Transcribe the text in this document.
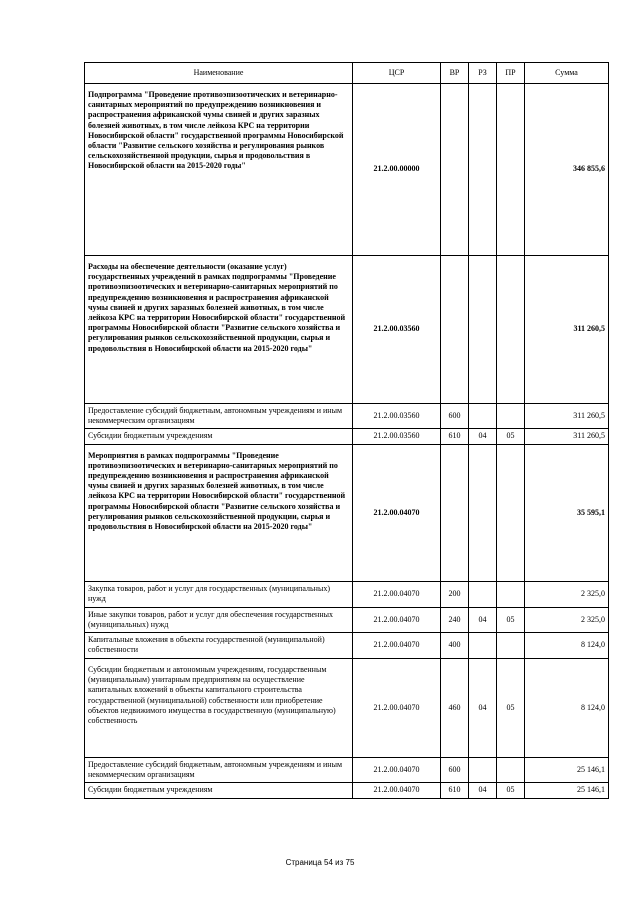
Наименование	ЦСР	ВР	РЗ	ПР	Сумма
Подпрограмма "Проведение противоэпизоотических и ветеринарно-санитарных мероприятий по предупреждению возникновения и распространения африканской чумы свиней и других заразных болезней животных, в том числе лейкоза КРС на территории Новосибирской области" государственной программы Новосибирской области "Развитие сельского хозяйства и регулирования рынков сельскохозяйственной продукции, сырья и продовольствия в Новосибирской области на 2015-2020 годы"	21.2.00.00000				346 855,6
Расходы на обеспечение деятельности (оказание услуг) государственных учреждений в рамках подпрограммы "Проведение противоэпизоотических и ветеринарно-санитарных мероприятий по предупреждению возникновения и распространения африканской чумы свиней и других заразных болезней животных, в том числе лейкоза КРС на территории Новосибирской области" государственной программы Новосибирской области "Развитие сельского хозяйства и регулирования рынков сельскохозяйственной продукции, сырья и продовольствия в Новосибирской области на 2015-2020 годы"	21.2.00.03560				311 260,5
Предоставление субсидий бюджетным, автономным учреждениям и иным некоммерческим организациям	21.2.00.03560	600			311 260,5
Субсидии бюджетным учреждениям	21.2.00.03560	610	04	05	311 260,5
Мероприятия в рамках подпрограммы "Проведение противоэпизоотических и ветеринарно-санитарных мероприятий по предупреждению возникновения и распространения африканской чумы свиней и других заразных болезней животных, в том числе лейкоза КРС на территории Новосибирской области" государственной программы Новосибирской области "Развитие сельского хозяйства и регулирования рынков сельскохозяйственной продукции, сырья и продовольствия в Новосибирской области на 2015-2020 годы"	21.2.00.04070				35 595,1
Закупка товаров, работ и услуг для государственных (муниципальных) нужд	21.2.00.04070	200			2 325,0
Иные закупки товаров, работ и услуг для обеспечения государственных (муниципальных) нужд	21.2.00.04070	240	04	05	2 325,0
Капитальные вложения в объекты государственной (муниципальной) собственности	21.2.00.04070	400			8 124,0
Субсидии бюджетным и автономным учреждениям, государственным (муниципальным) унитарным предприятиям на осуществление капитальных вложений в объекты капитального строительства государственной (муниципальной) собственности или приобретение объектов недвижимого имущества в государственную (муниципальную) собственность	21.2.00.04070	460	04	05	8 124,0
Предоставление субсидий бюджетным, автономным учреждениям и иным некоммерческим организациям	21.2.00.04070	600			25 146,1
Субсидии бюджетным учреждениям	21.2.00.04070	610	04	05	25 146,1
Страница 54 из 75
